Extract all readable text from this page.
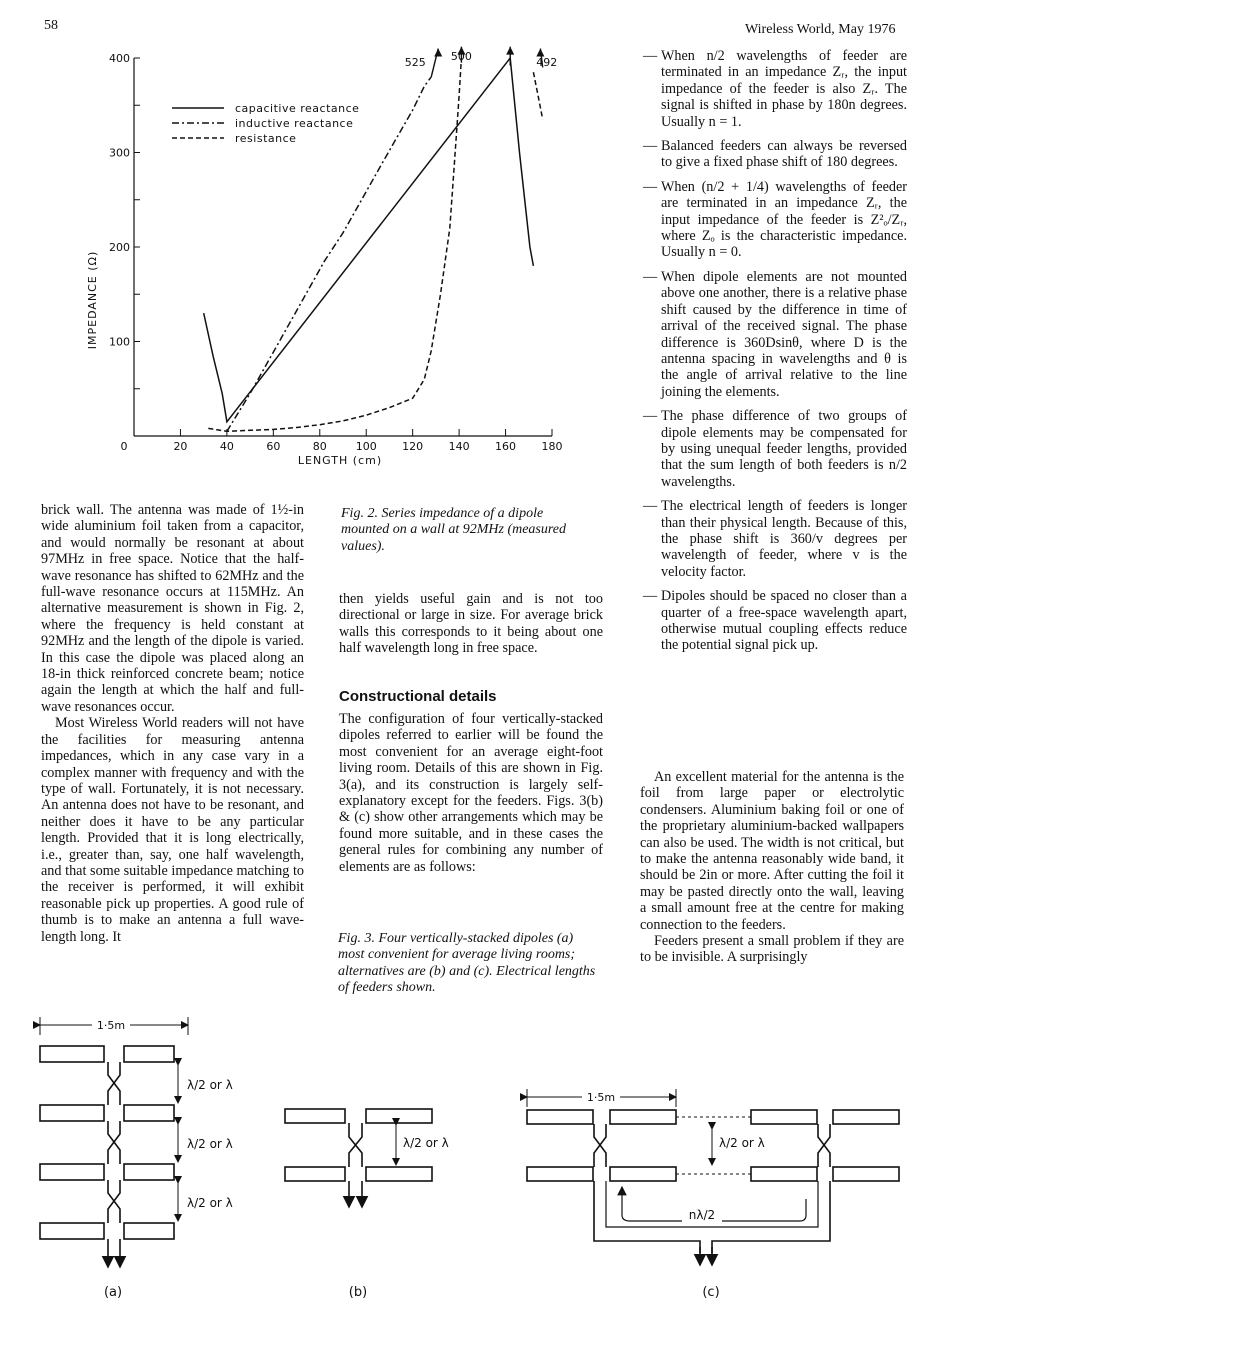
58	Wireless World, May 1976
0	20	40	60	80	100 120 140 160 180
400
300
200
100
capacitive reactance
inductive reactance
resistance
525 500	492
IMPEDANCE (Ω)
LENGTH (cm)
Fig. 2. Series impedance of a dipole mounted on a wall at 92MHz (measured values).

brick wall. The antenna was made of 1½-in wide aluminium foil taken from a capacitor, and would normally be resonant at about 97MHz in free space. Notice that the half-wave resonance has shifted to 62MHz and the full-wave resonance occurs at 115MHz. An alternative measurement is shown in Fig. 2, where the frequency is held constant at 92MHz and the length of the dipole is varied. In this case the dipole was placed along an 18-in thick reinforced concrete beam; notice again the length at which the half and full-wave resonances occur.

Most Wireless World readers will not have the facilities for measuring antenna impedances, which in any case vary in a complex manner with frequency and with the type of wall. Fortunately, it is not necessary. An antenna does not have to be resonant, and neither does it have to be any particular length. Provided that it is long electrically, i.e., greater than, say, one half wavelength, and that some suitable impedance matching to the receiver is performed, it will exhibit reasonable pick up properties. A good rule of thumb is to make an antenna a full wave-length long. It

then yields useful gain and is not too directional or large in size. For average brick walls this corresponds to it being about one half wavelength long in free space.
Constructional details
The configuration of four vertically-stacked dipoles referred to earlier will be found the most convenient for an average eight-foot living room. Details of this are shown in Fig. 3(a), and its construction is largely self-explanatory except for the feeders. Figs. 3(b) & (c) show other arrangements which may be found more suitable, and in these cases the general rules for combining any number of elements are as follows:
Fig. 3. Four vertically-stacked dipoles (a) most convenient for average living rooms; alternatives are (b) and (c). Electrical lengths of feeders shown.
— When n/2 wavelengths of feeder are terminated in an impedance Zᵣ, the input impedance of the feeder is also Zᵣ. The signal is shifted in phase by 180n degrees. Usually n = 1.
— Balanced feeders can always be reversed to give a fixed phase shift of 180 degrees.
— When (n/2 + 1/4) wavelengths of feeder are terminated in an impedance Zᵣ, the input impedance of the feeder is Z²ₒ/Zᵣ, where Zₒ is the characteristic impedance. Usually n = 0.
— When dipole elements are not mounted above one another, there is a relative phase shift caused by the difference in time of arrival of the received signal. The phase difference is 360Dsinθ, where D is the antenna spacing in wavelengths and θ is the angle of arrival relative to the line joining the elements.
— The phase difference of two groups of dipole elements may be compensated for by using unequal feeder lengths, provided that the sum length of both feeders is n/2 wavelengths.
— The electrical length of feeders is longer than their physical length. Because of this, the phase shift is 360/v degrees per wavelength of feeder, where v is the velocity factor.
— Dipoles should be spaced no closer than a quarter of a free-space wavelength apart, otherwise mutual coupling effects reduce the potential signal pick up.

An excellent material for the antenna is the foil from large paper or electrolytic condensers. Aluminium baking foil or one of the proprietary aluminium-backed wallpapers can also be used. The width is not critical, but to make the antenna reasonably wide band, it should be 2in or more. After cutting the foil it may be pasted directly onto the wall, leaving a small amount free at the centre for making connection to the feeders.

Feeders present a small problem if they are to be invisible. A surprisingly

1·5m
1·5m
λ/2 or λ
λ/2 or λ
λ/2 or λ
λ/2 or λ	λ/2 or λ
nλ/2
(a)	(b)	(c)
